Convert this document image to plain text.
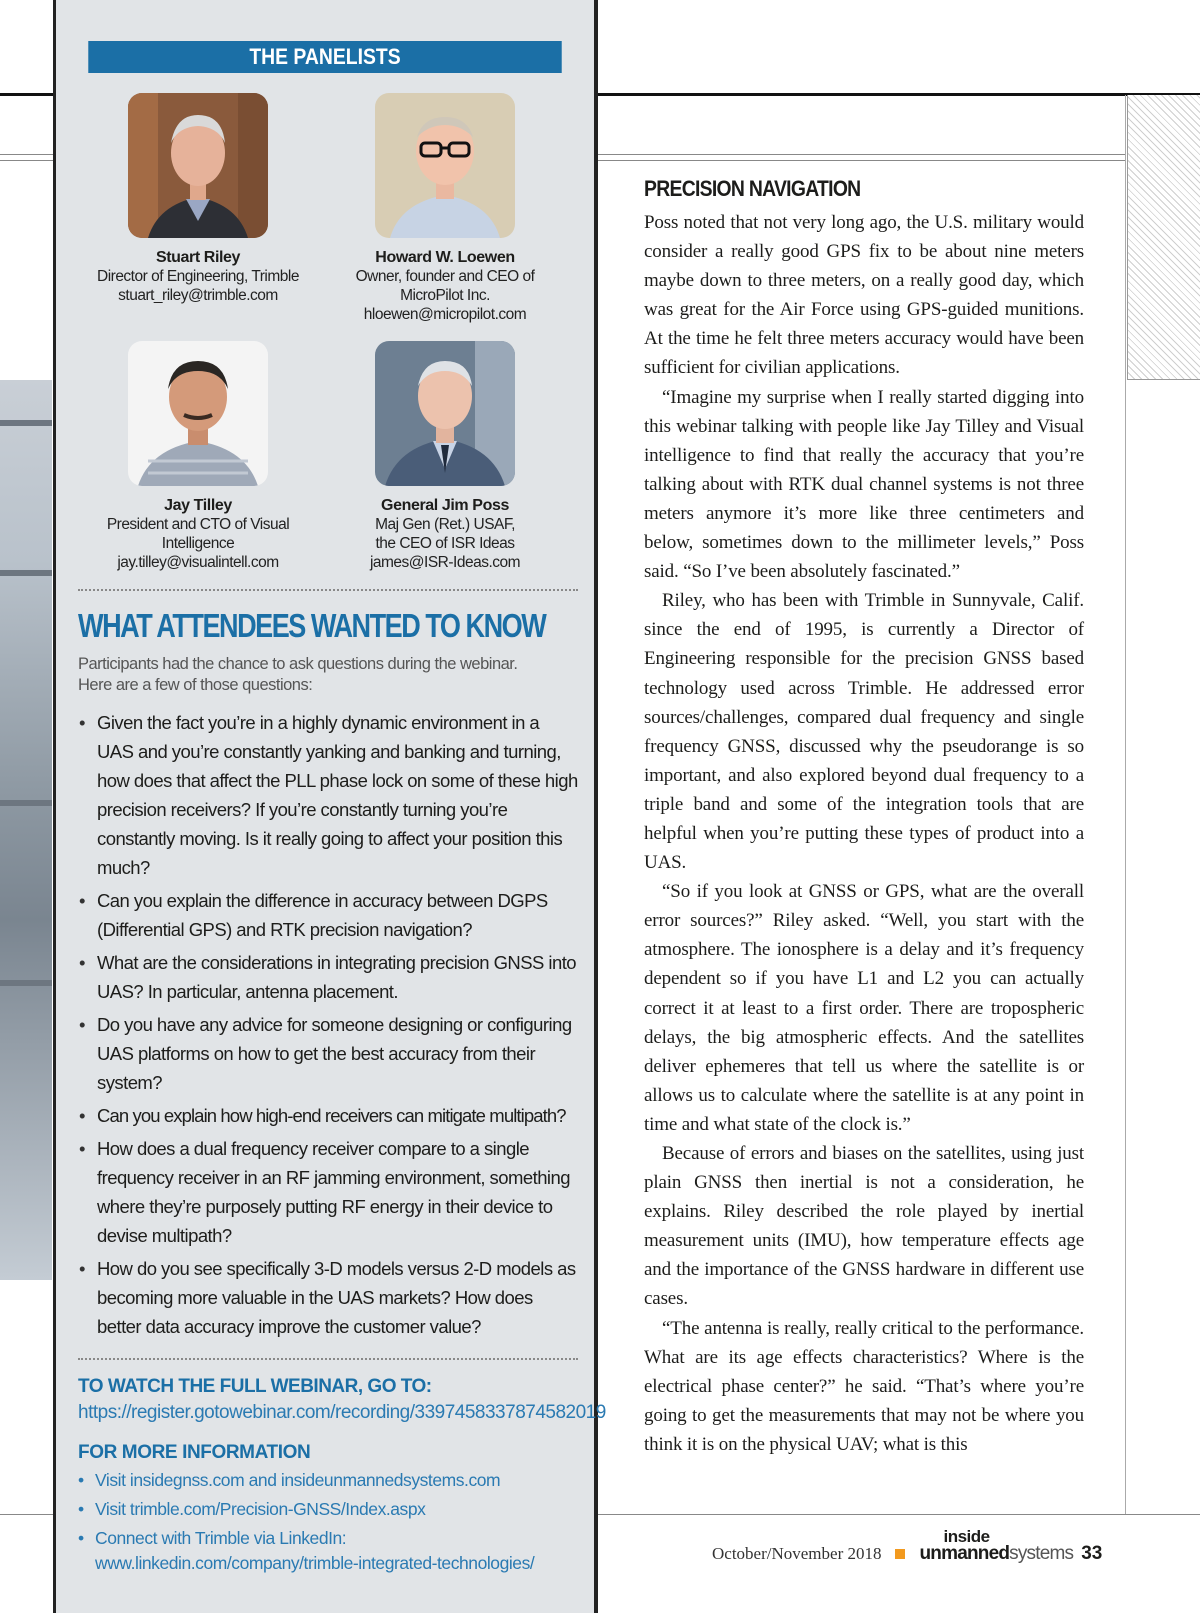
THE PANELISTS
Stuart Riley
Director of Engineering, Trimble
stuart_riley@trimble.com
Howard W. Loewen
Owner, founder and CEO of
MicroPilot Inc.
hloewen@micropilot.com
Jay Tilley
President and CTO of Visual
Intelligence
jay.tilley@visualintell.com
General Jim Poss
Maj Gen (Ret.) USAF,
the CEO of ISR Ideas
james@ISR-Ideas.com
WHAT ATTENDEES WANTED TO KNOW
Participants had the chance to ask questions during the webinar.
Here are a few of those questions:
• Given the fact you’re in a highly dynamic environment in a UAS and you’re constantly yanking and banking and turning, how does that affect the PLL phase lock on some of these high precision receivers? If you’re constantly turning you’re constantly moving. Is it really going to affect your position this much?
• Can you explain the difference in accuracy between DGPS (Differential GPS) and RTK precision navigation?
• What are the considerations in integrating precision GNSS into UAS? In particular, antenna placement.
• Do you have any advice for someone designing or configuring UAS platforms on how to get the best accuracy from their system?
• Can you explain how high-end receivers can mitigate multipath?
• How does a dual frequency receiver compare to a single frequency receiver in an RF jamming environment, something where they’re purposely putting RF energy in their device to devise multipath?
• How do you see specifically 3-D models versus 2-D models as becoming more valuable in the UAS markets? How does better data accuracy improve the customer value?
TO WATCH THE FULL WEBINAR, GO TO: https://register.gotowebinar.com/recording/3397458337874582019
FOR MORE INFORMATION
• Visit insidegnss.com and insideunmannedsystems.com
• Visit trimble.com/Precision-GNSS/Index.aspx
• Connect with Trimble via LinkedIn: www.linkedin.com/company/trimble-integrated-technologies/
PRECISION NAVIGATION

Poss noted that not very long ago, the U.S. military would consider a really good GPS fix to be about nine meters maybe down to three meters, on a really good day, which was great for the Air Force using GPS-guided munitions. At the time he felt three meters accuracy would have been sufficient for civilian applications.

“Imagine my surprise when I really started digging into this webinar talking with people like Jay Tilley and Visual intelligence to find that really the accuracy that you’re talking about with RTK dual channel systems is not three meters anymore it’s more like three centimeters and below, sometimes down to the millimeter levels,” Poss said. “So I’ve been absolutely fascinated.”

Riley, who has been with Trimble in Sunnyvale, Calif. since the end of 1995, is currently a Director of Engineering responsible for the precision GNSS based technology used across Trimble. He addressed error sources/challenges, compared dual frequency and single frequency GNSS, discussed why the pseudorange is so important, and also explored beyond dual frequency to a triple band and some of the integration tools that are helpful when you’re putting these types of product into a UAS.

“So if you look at GNSS or GPS, what are the overall error sources?” Riley asked. “Well, you start with the atmosphere. The ionosphere is a delay and it’s frequency dependent so if you have L1 and L2 you can actually correct it at least to a first order. There are tropospheric delays, the big atmospheric effects. And the satellites deliver ephemeres that tell us where the satellite is or allows us to calculate where the satellite is at any point in time and what state of the clock is.”

Because of errors and biases on the satellites, using just plain GNSS then inertial is not a consideration, he explains. Riley described the role played by inertial measurement units (IMU), how temperature effects age and the importance of the GNSS hardware in different use cases.

“The antenna is really, really critical to the performance. What are its age effects characteristics? Where is the electrical phase center?” he said. “That’s where you’re going to get the measurements that may not be where you think it is on the physical UAV; what is this

October/November 2018
inside
unmannedsystems 33
